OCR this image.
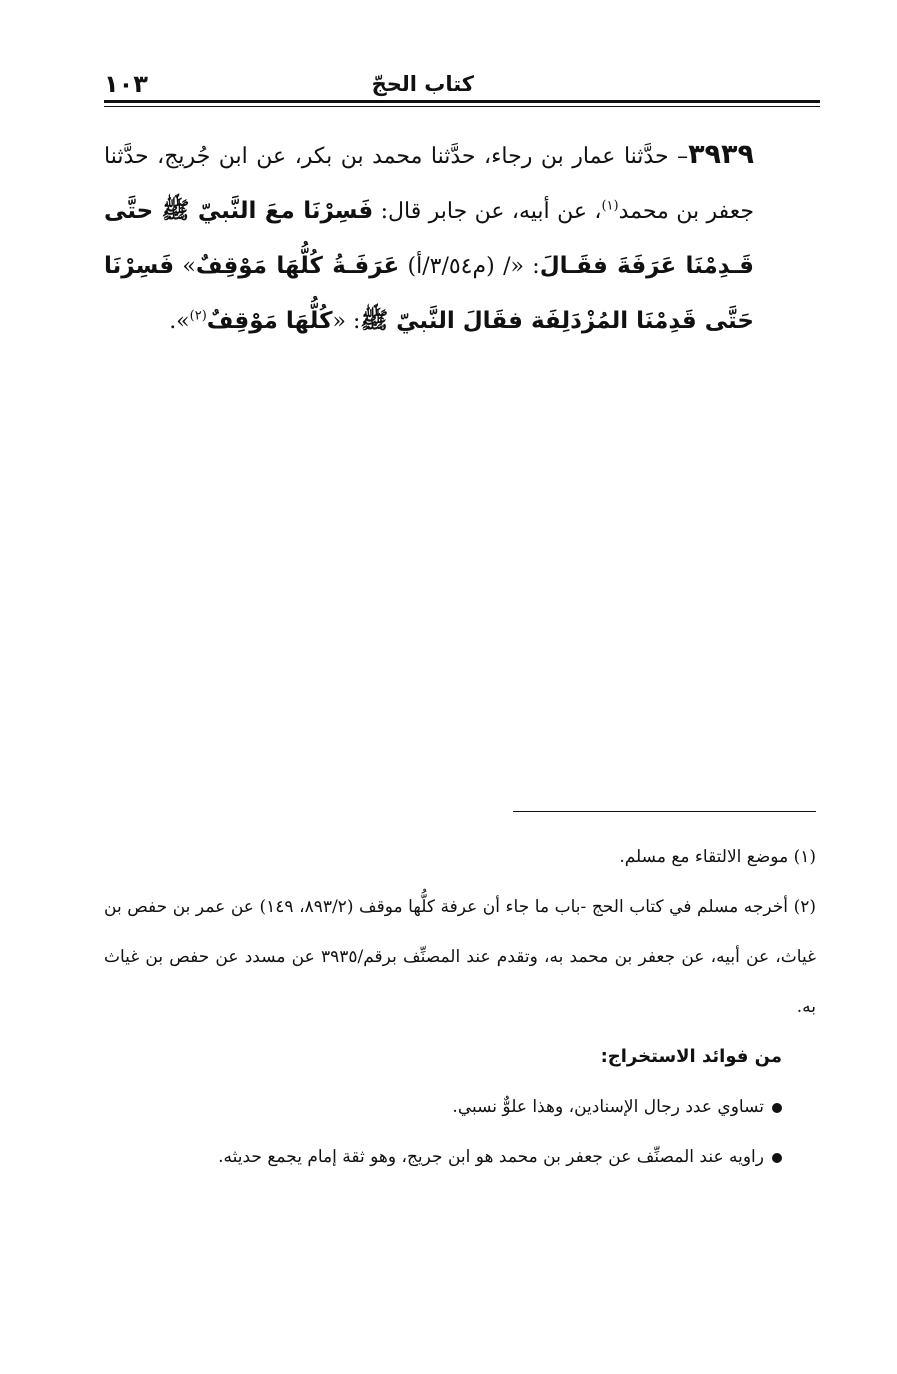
كتاب الحجّ
١٠٣
٣٩٣٩– حدَّثنا عمار بن رجاء، حدَّثنا محمد بن بكر، عن ابن جُريج، حدَّثنا جعفر بن محمد$^{(١)}$، عن أبيه، عن جابر قال: فَسِرْنَا معَ النَّبيّ ﷺ حتَّى قَـدِمْنَا عَرَفَةَ فقَـالَ: «/ (م٣/٥٤/أ) عَرَفَـةُ كُلُّهَا مَوْقِفٌ» فَسِرْنَا حَتَّى قَدِمْنَا المُزْدَلِفَة فقَالَ النَّبيّ ﷺ: «كُلُّهَا مَوْقِفٌ$^{(٢)}$».

(١) موضع الالتقاء مع مسلم.

(٢) أخرجه مسلم في كتاب الحج -باب ما جاء أن عرفة كلُّها موقف (٨٩٣/٢، ١٤٩) عن عمر بن حفص بن غياث، عن أبيه، عن جعفر بن محمد به، وتقدم عند المصنِّف برقم/٣٩٣٥ عن مسدد عن حفص بن غياث به.

من فوائد الاستخراج:

تساوي عدد رجال الإسنادين، وهذا علوٌّ نسبي.

راويه عند المصنِّف عن جعفر بن محمد هو ابن جريج، وهو ثقة إمام يجمع حديثه.
